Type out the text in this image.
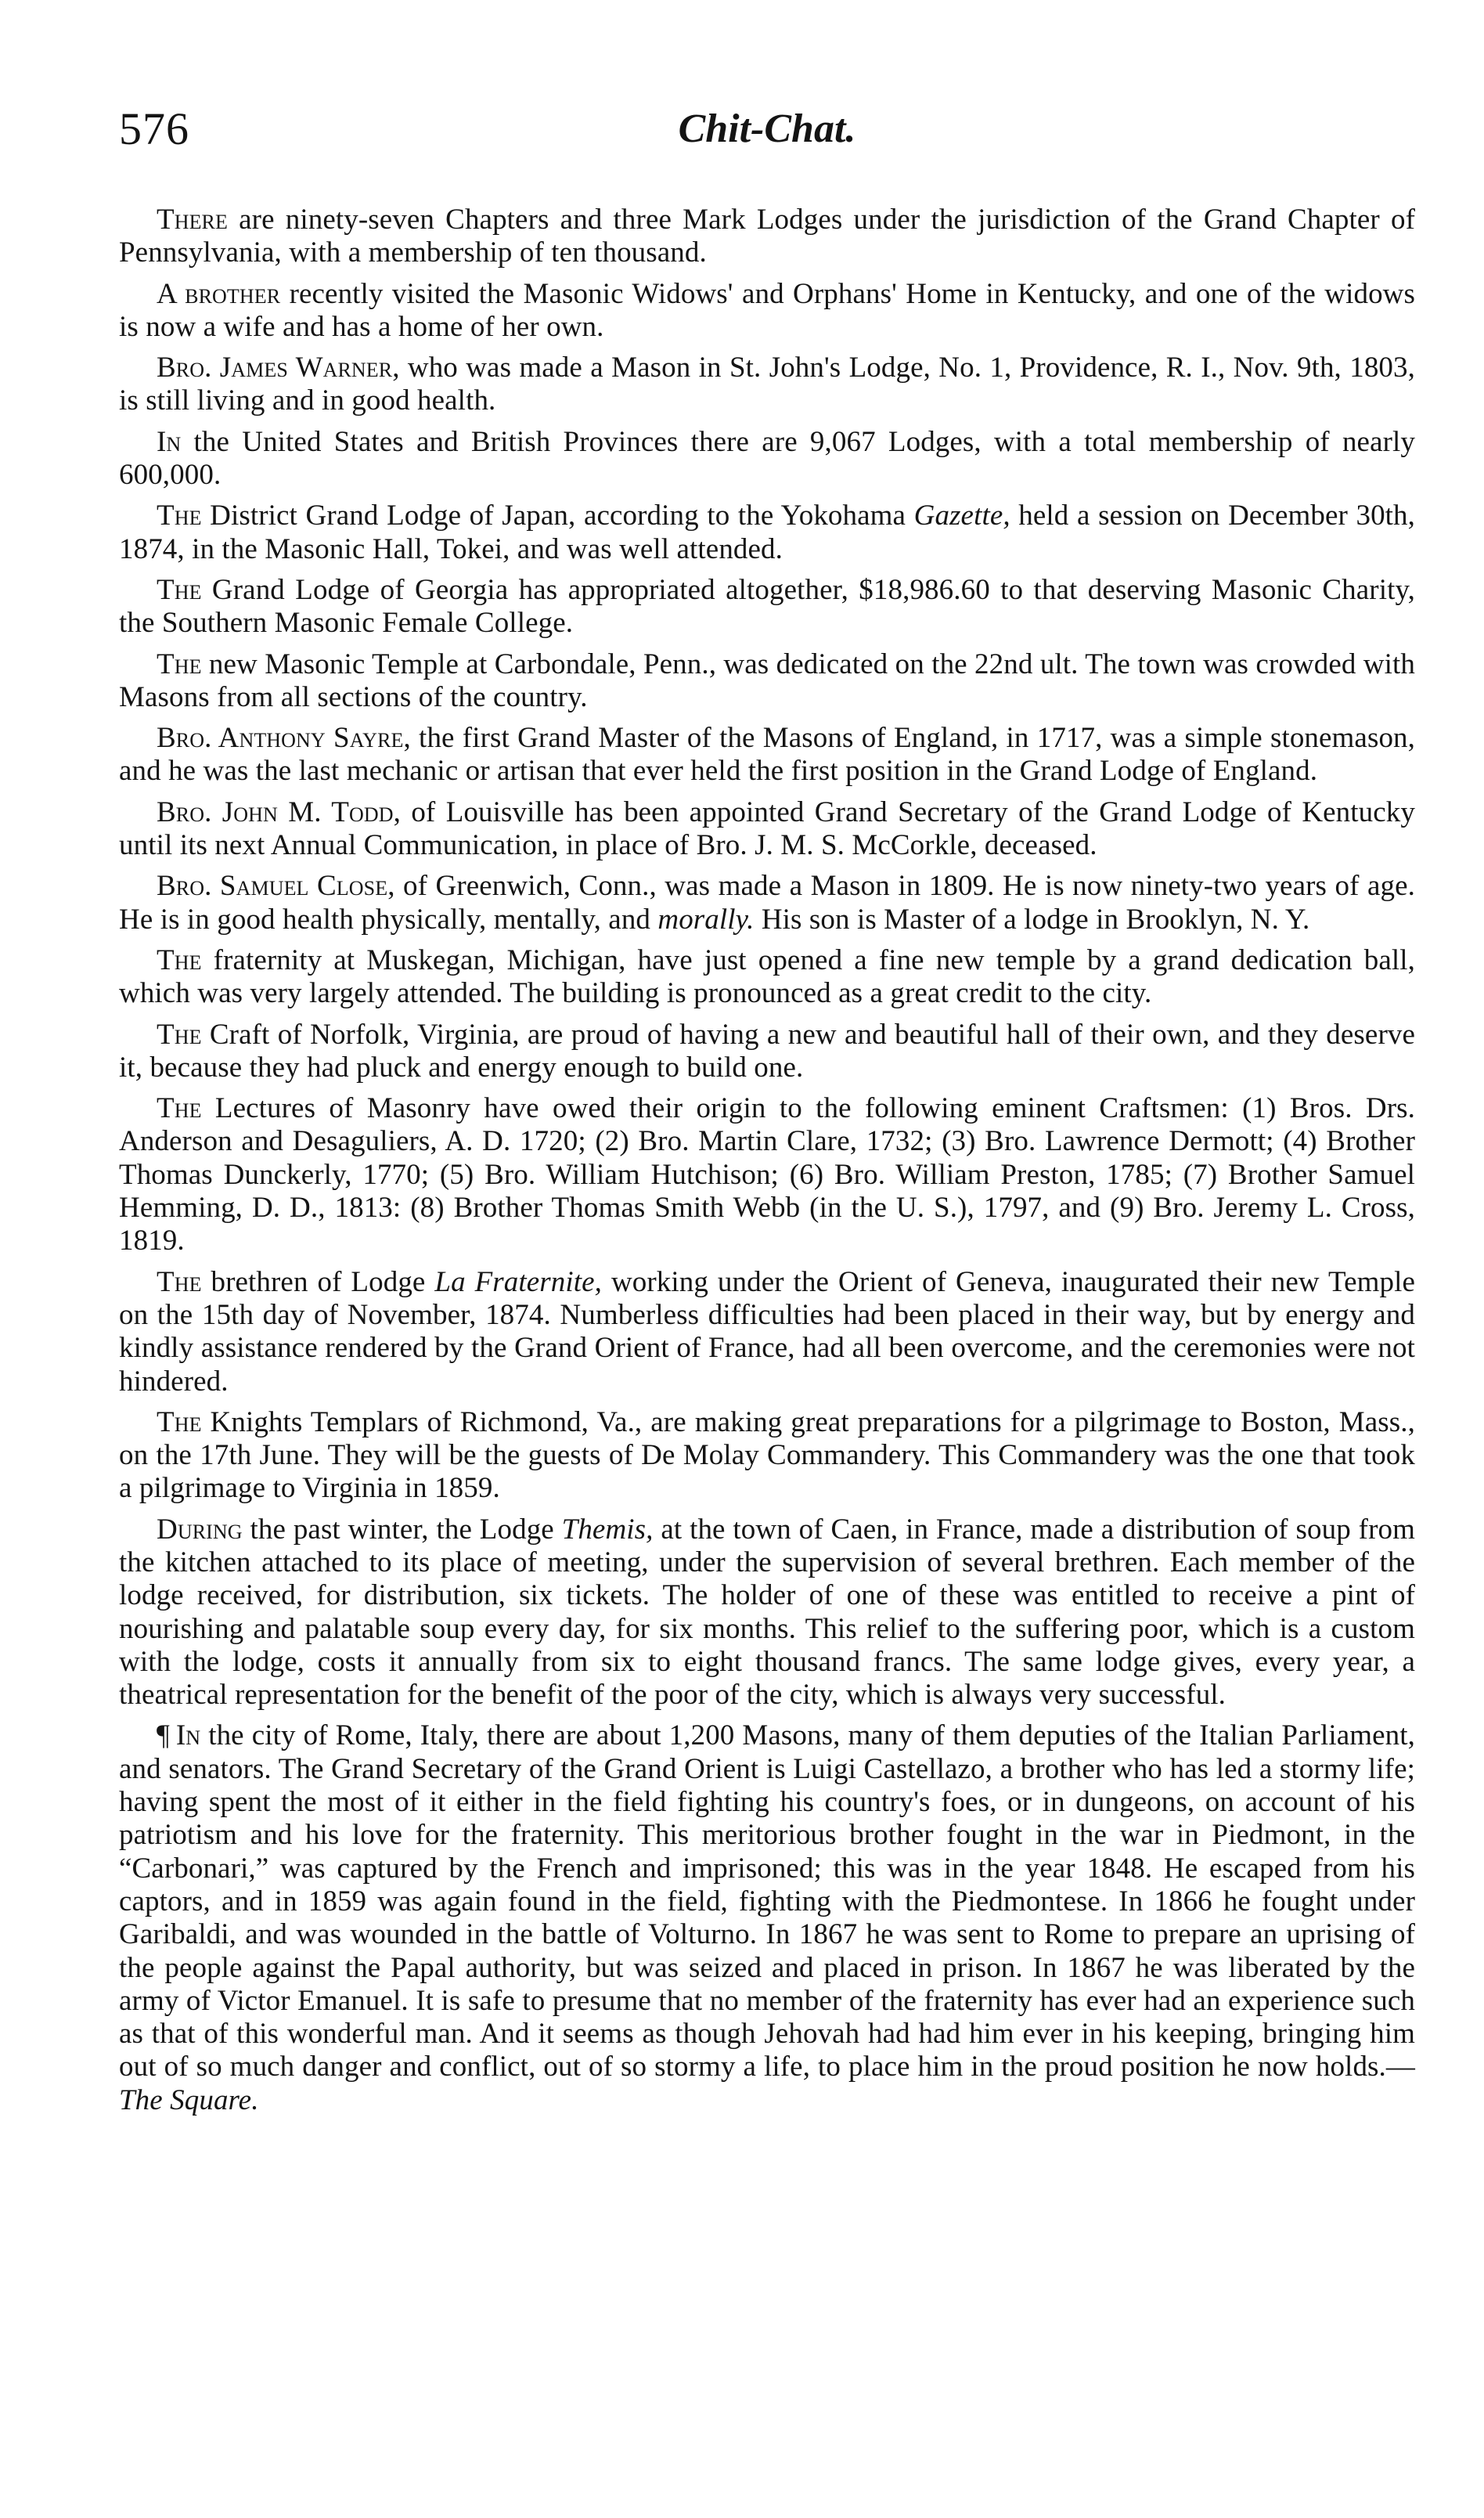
576	Chit-Chat.

There are ninety-seven Chapters and three Mark Lodges under the jurisdiction of the Grand Chapter of Pennsylvania, with a membership of ten thousand.

A brother recently visited the Masonic Widows' and Orphans' Home in Kentucky, and one of the widows is now a wife and has a home of her own.

Bro. James Warner, who was made a Mason in St. John's Lodge, No. 1, Providence, R. I., Nov. 9th, 1803, is still living and in good health.

In the United States and British Provinces there are 9,067 Lodges, with a total membership of nearly 600,000.

The District Grand Lodge of Japan, according to the Yokohama Gazette, held a session on December 30th, 1874, in the Masonic Hall, Tokei, and was well attended.

The Grand Lodge of Georgia has appropriated altogether, $18,986.60 to that deserving Masonic Charity, the Southern Masonic Female College.

The new Masonic Temple at Carbondale, Penn., was dedicated on the 22nd ult. The town was crowded with Masons from all sections of the country.

Bro. Anthony Sayre, the first Grand Master of the Masons of England, in 1717, was a simple stonemason, and he was the last mechanic or artisan that ever held the first position in the Grand Lodge of England.

Bro. John M. Todd, of Louisville has been appointed Grand Secretary of the Grand Lodge of Kentucky until its next Annual Communication, in place of Bro. J. M. S. McCorkle, deceased.

Bro. Samuel Close, of Greenwich, Conn., was made a Mason in 1809. He is now ninety-two years of age. He is in good health physically, mentally, and morally. His son is Master of a lodge in Brooklyn, N. Y.

The fraternity at Muskegan, Michigan, have just opened a fine new temple by a grand dedication ball, which was very largely attended. The building is pronounced as a great credit to the city.

The Craft of Norfolk, Virginia, are proud of having a new and beautiful hall of their own, and they deserve it, because they had pluck and energy enough to build one.

The Lectures of Masonry have owed their origin to the following eminent Craftsmen: (1) Bros. Drs. Anderson and Desaguliers, A. D. 1720; (2) Bro. Martin Clare, 1732; (3) Bro. Lawrence Dermott; (4) Brother Thomas Dunckerly, 1770; (5) Bro. William Hutchison; (6) Bro. William Preston, 1785; (7) Brother Samuel Hemming, D. D., 1813: (8) Brother Thomas Smith Webb (in the U. S.), 1797, and (9) Bro. Jeremy L. Cross, 1819.

The brethren of Lodge La Fraternite, working under the Orient of Geneva, inaugurated their new Temple on the 15th day of November, 1874. Numberless difficulties had been placed in their way, but by energy and kindly assistance rendered by the Grand Orient of France, had all been overcome, and the ceremonies were not hindered.

The Knights Templars of Richmond, Va., are making great preparations for a pilgrimage to Boston, Mass., on the 17th June. They will be the guests of De Molay Commandery. This Commandery was the one that took a pilgrimage to Virginia in 1859.

During the past winter, the Lodge Themis, at the town of Caen, in France, made a distribution of soup from the kitchen attached to its place of meeting, under the supervision of several brethren. Each member of the lodge received, for distribution, six tickets. The holder of one of these was entitled to receive a pint of nourishing and palatable soup every day, for six months. This relief to the suffering poor, which is a custom with the lodge, costs it annually from six to eight thousand francs. The same lodge gives, every year, a theatrical representation for the benefit of the poor of the city, which is always very successful.

¶ In the city of Rome, Italy, there are about 1,200 Masons, many of them deputies of the Italian Parliament, and senators. The Grand Secretary of the Grand Orient is Luigi Castellazo, a brother who has led a stormy life; having spent the most of it either in the field fighting his country's foes, or in dungeons, on account of his patriotism and his love for the fraternity. This meritorious brother fought in the war in Piedmont, in the “Carbonari,” was captured by the French and imprisoned; this was in the year 1848. He escaped from his captors, and in 1859 was again found in the field, fighting with the Piedmontese. In 1866 he fought under Garibaldi, and was wounded in the battle of Volturno. In 1867 he was sent to Rome to prepare an uprising of the people against the Papal authority, but was seized and placed in prison. In 1867 he was liberated by the army of Victor Emanuel. It is safe to presume that no member of the fraternity has ever had an experience such as that of this wonderful man. And it seems as though Jehovah had had him ever in his keeping, bringing him out of so much danger and conflict, out of so stormy a life, to place him in the proud position he now holds.—The Square.
